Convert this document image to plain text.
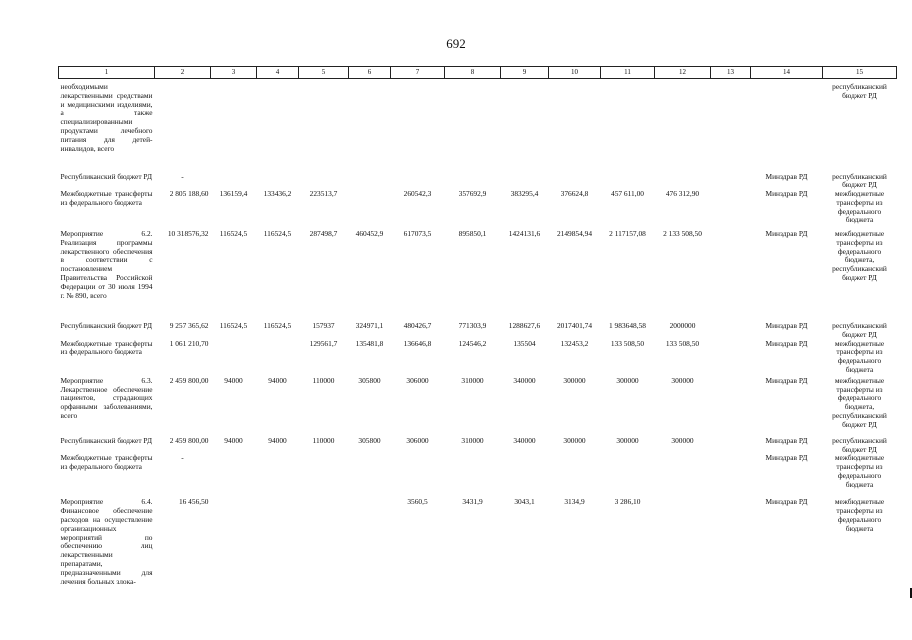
692
1	2	3	4	5	6	7	8	9	10	11	12	13	14	15
необходимыми лекарственными средствами и медицинскими изделиями, а также специализированными продуктами лечебного питания для детей-инвалидов, всего														республиканский бюджет РД
Республиканский бюджет РД	-												Минздрав РД	республиканский бюджет РД
Межбюджетные трансферты из федерального бюджета	2 805 188,60	136159,4	133436,2	223513,7		260542,3	357692,9	383295,4	376624,8	457 611,00	476 312,90		Минздрав РД	межбюджетные трансферты из федерального бюджета
Мероприятие 6.2. Реализация программы лекарственного обеспечения в соответствии с постановлением Правительства Российской Федерации от 30 июля 1994 г. № 890, всего	10 318576,32	116524,5	116524,5	287498,7	460452,9	617073,5	895850,1	1424131,6	2149854,94	2 117157,08	2 133 508,50		Минздрав РД	межбюджетные трансферты из федерального бюджета, республиканский бюджет РД
Республиканский бюджет РД	9 257 365,62	116524,5	116524,5	157937	324971,1	480426,7	771303,9	1288627,6	2017401,74	1 983648,58	2000000		Минздрав РД	республиканский бюджет РД
Межбюджетные трансферты из федерального бюджета	1 061 210,70			129561,7	135481,8	136646,8	124546,2	135504	132453,2	133 508,50	133 508,50		Минздрав РД	межбюджетные трансферты из федерального бюджета
Мероприятие 6.3. Лекарственное обеспечение пациентов, страдающих орфанными заболеваниями, всего	2 459 800,00	94000	94000	110000	305800	306000	310000	340000	300000	300000	300000		Минздрав РД	межбюджетные трансферты из федерального бюджета, республиканский бюджет РД
Республиканский бюджет РД	2 459 800,00	94000	94000	110000	305800	306000	310000	340000	300000	300000	300000		Минздрав РД	республиканский бюджет РД
Межбюджетные трансферты из федерального бюджета	-												Минздрав РД	межбюджетные трансферты из федерального бюджета
Мероприятие 6.4. Финансовое обеспечение расходов на осуществление организационных мероприятий по обеспечению лиц лекарственными препаратами, предназначенными для лечения больных злока-	16 456,50					3560,5	3431,9	3043,1	3134,9	3 286,10			Минздрав РД	межбюджетные трансферты из федерального бюджета
